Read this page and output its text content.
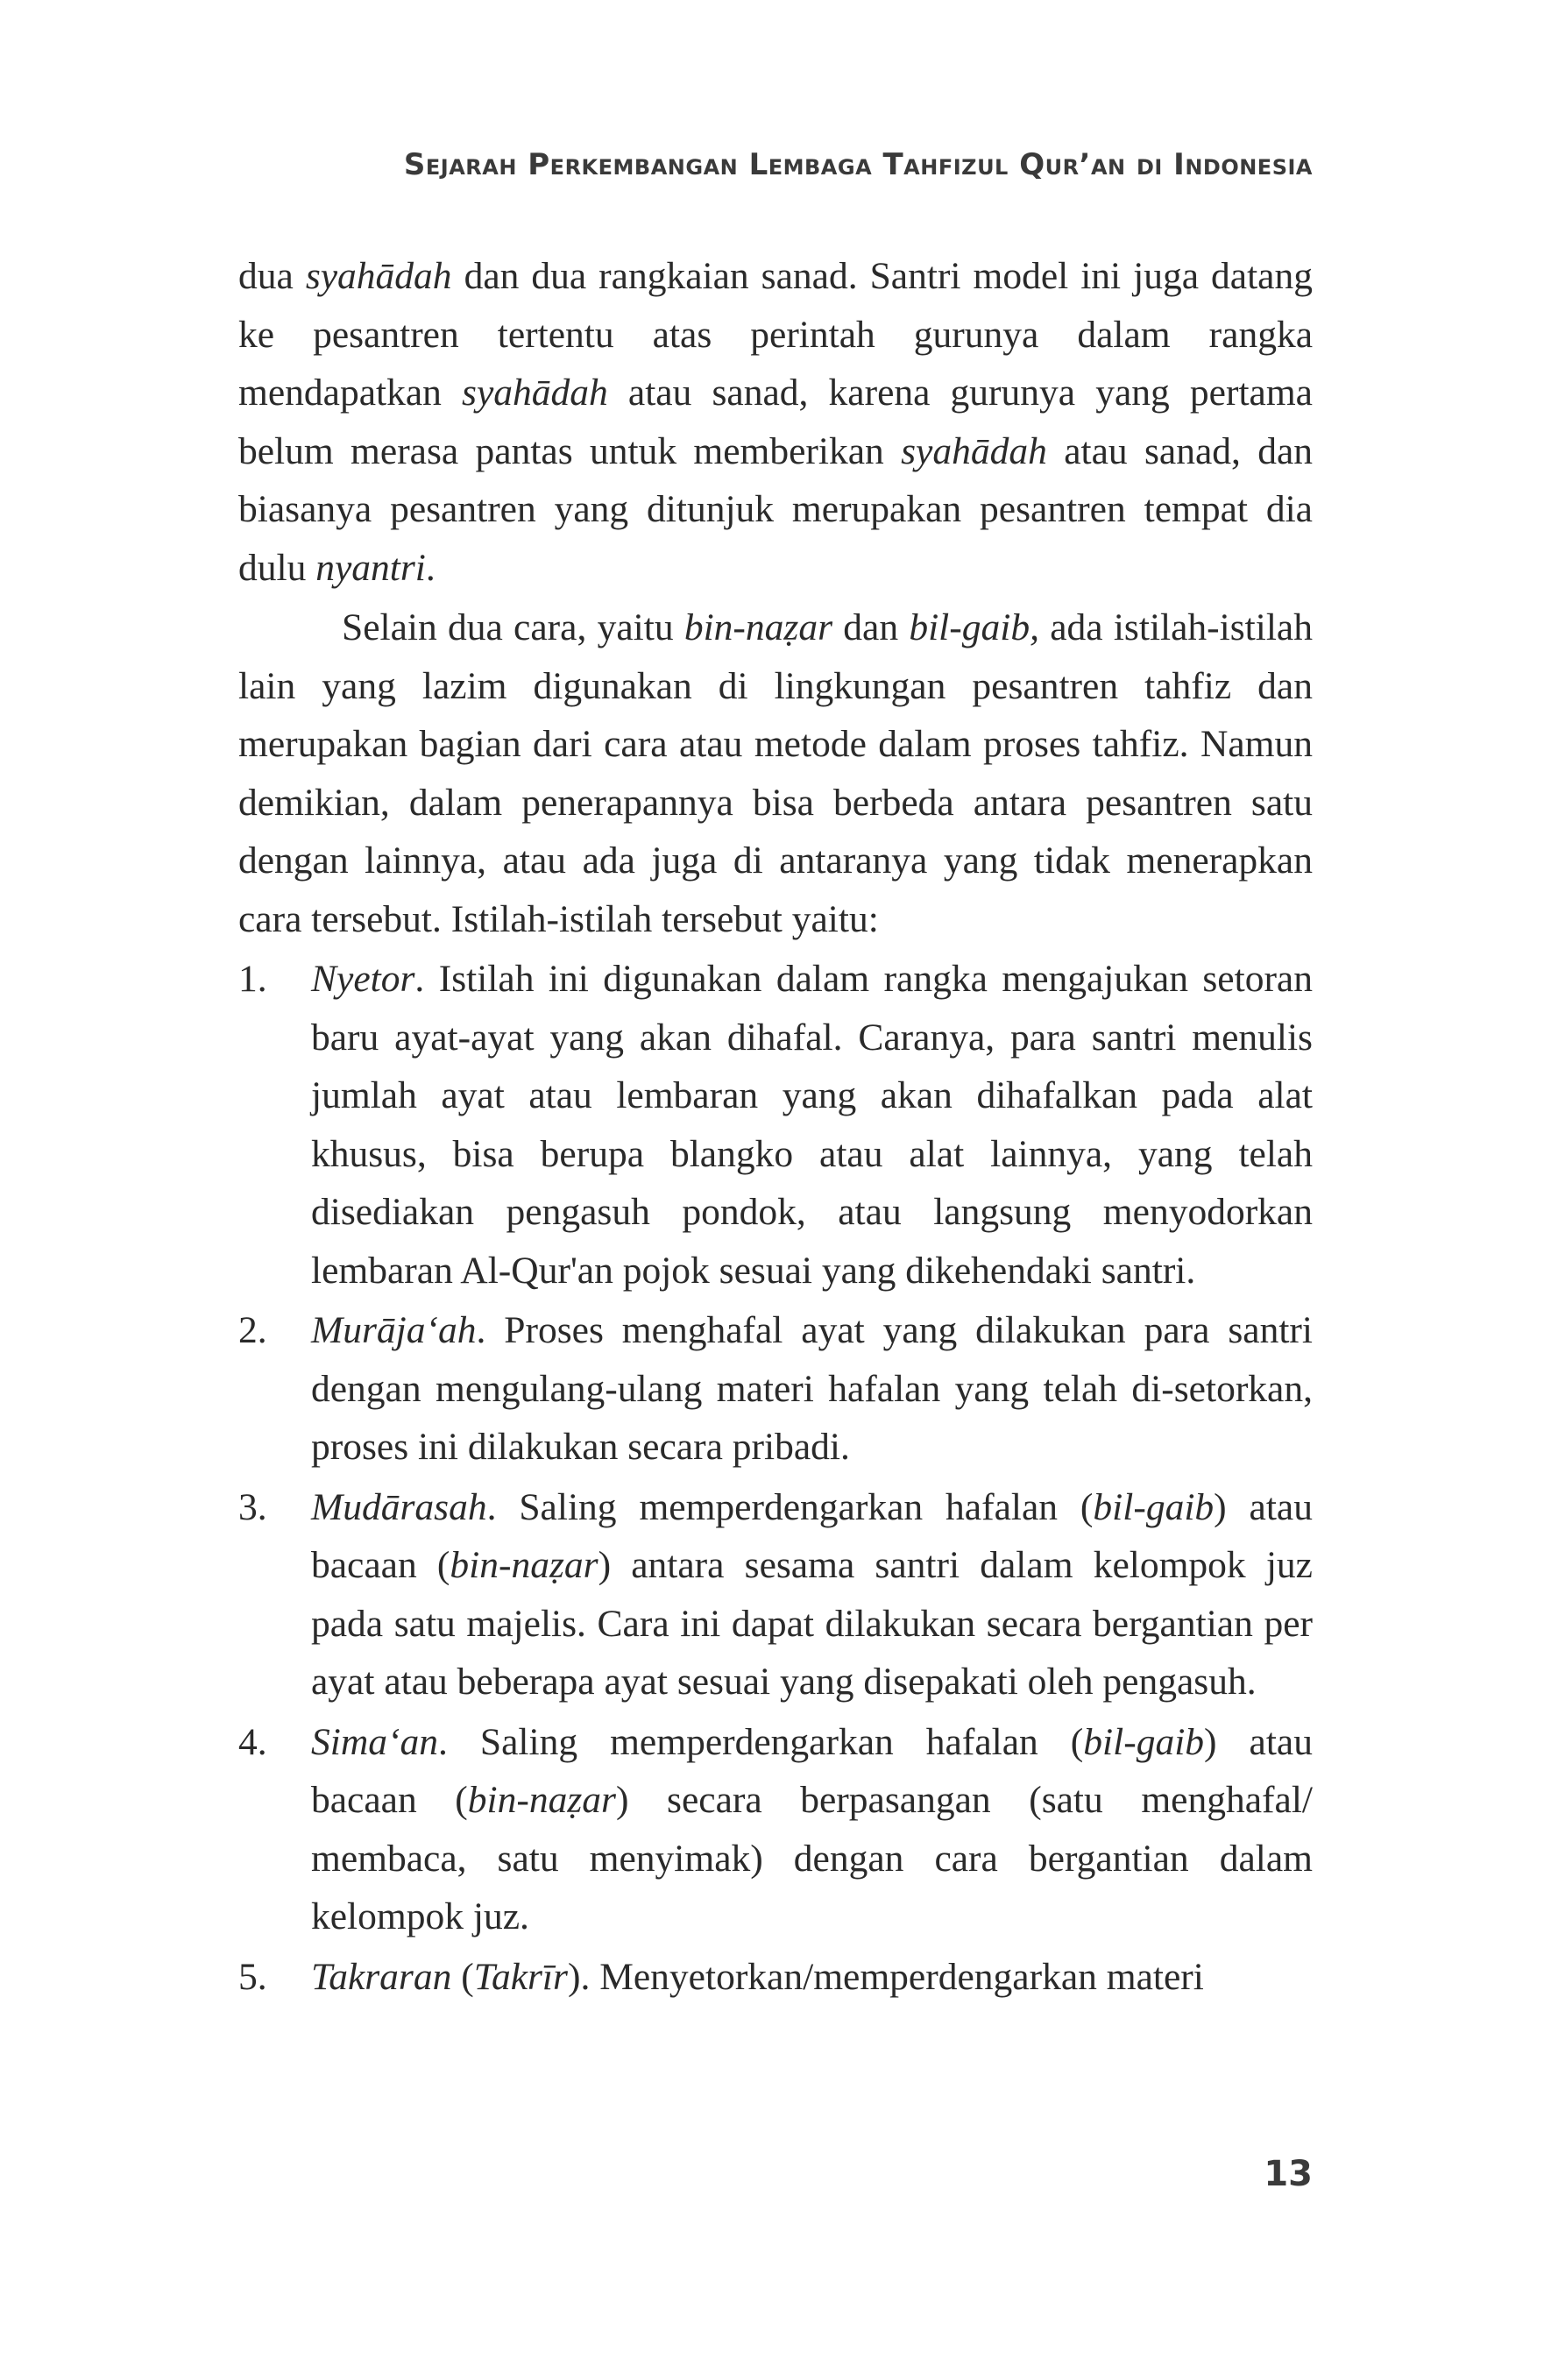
Sejarah Perkembangan Lembaga Tahfizul Qur’an di Indonesia

dua syahādah dan dua rangkaian sanad. Santri model ini juga datang ke pesantren tertentu atas perintah gurunya dalam rangka mendapatkan syahādah atau sanad, karena gurunya yang pertama belum merasa pantas untuk memberikan syahādah atau sanad, dan biasanya pesantren yang ditunjuk merupakan pesantren tempat dia dulu nyantri.

Selain dua cara, yaitu bin-naẓar dan bil-gaib, ada istilah-istilah lain yang lazim digunakan di lingkungan pesantren tahfiz dan merupakan bagian dari cara atau metode dalam proses tahfiz. Namun demikian, dalam penerapannya bisa berbeda antara pesantren satu dengan lainnya, atau ada juga di antaranya yang tidak menerapkan cara tersebut. Istilah-istilah tersebut yaitu:

1. Nyetor. Istilah ini digunakan dalam rangka mengajukan setoran baru ayat-ayat yang akan dihafal. Caranya, para santri menulis jumlah ayat atau lembaran yang akan dihafalkan pada alat khusus, bisa berupa blangko atau alat lainnya, yang telah disediakan pengasuh pondok, atau langsung menyodorkan lembaran Al-Qur'an pojok sesuai yang dikehendaki santri.
2. Murāja‘ah. Proses menghafal ayat yang dilakukan para santri dengan mengulang-ulang materi hafalan yang telah di-setorkan, proses ini dilakukan secara pribadi.
3. Mudārasah. Saling memperdengarkan hafalan (bil-gaib) atau bacaan (bin-naẓar) antara sesama santri dalam kelompok juz pada satu majelis. Cara ini dapat dilakukan secara bergantian per ayat atau beberapa ayat sesuai yang disepakati oleh pengasuh.
4. Sima‘an. Saling memperdengarkan hafalan (bil-gaib) atau bacaan (bin-naẓar) secara berpasangan (satu menghafal/ membaca, satu menyimak) dengan cara bergantian dalam kelompok juz.
5. Takraran (Takrīr). Menyetorkan/memperdengarkan materi
13
